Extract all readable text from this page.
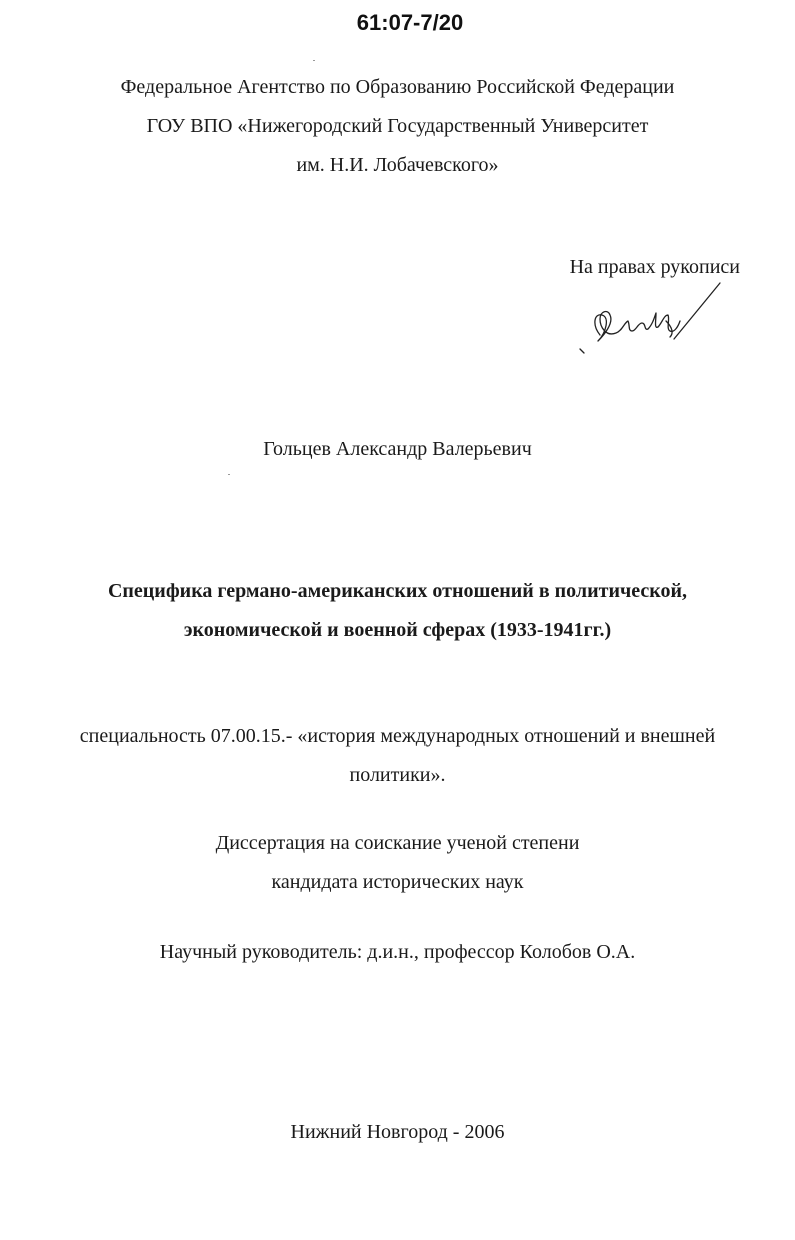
61:07-7/20
Федеральное Агентство по Образованию Российской Федерации
ГОУ ВПО «Нижегородский Государственный Университет
им. Н.И. Лобачевского»
На правах рукописи
Гольцев Александр Валерьевич
Специфика германо-американских отношений в политической,
экономической и военной сферах (1933-1941гг.)
специальность 07.00.15.- «история международных отношений и внешней
политики».
Диссертация на соискание ученой степени
кандидата исторических наук
Научный руководитель: д.и.н., профессор Колобов О.А.
Нижний Новгород - 2006
